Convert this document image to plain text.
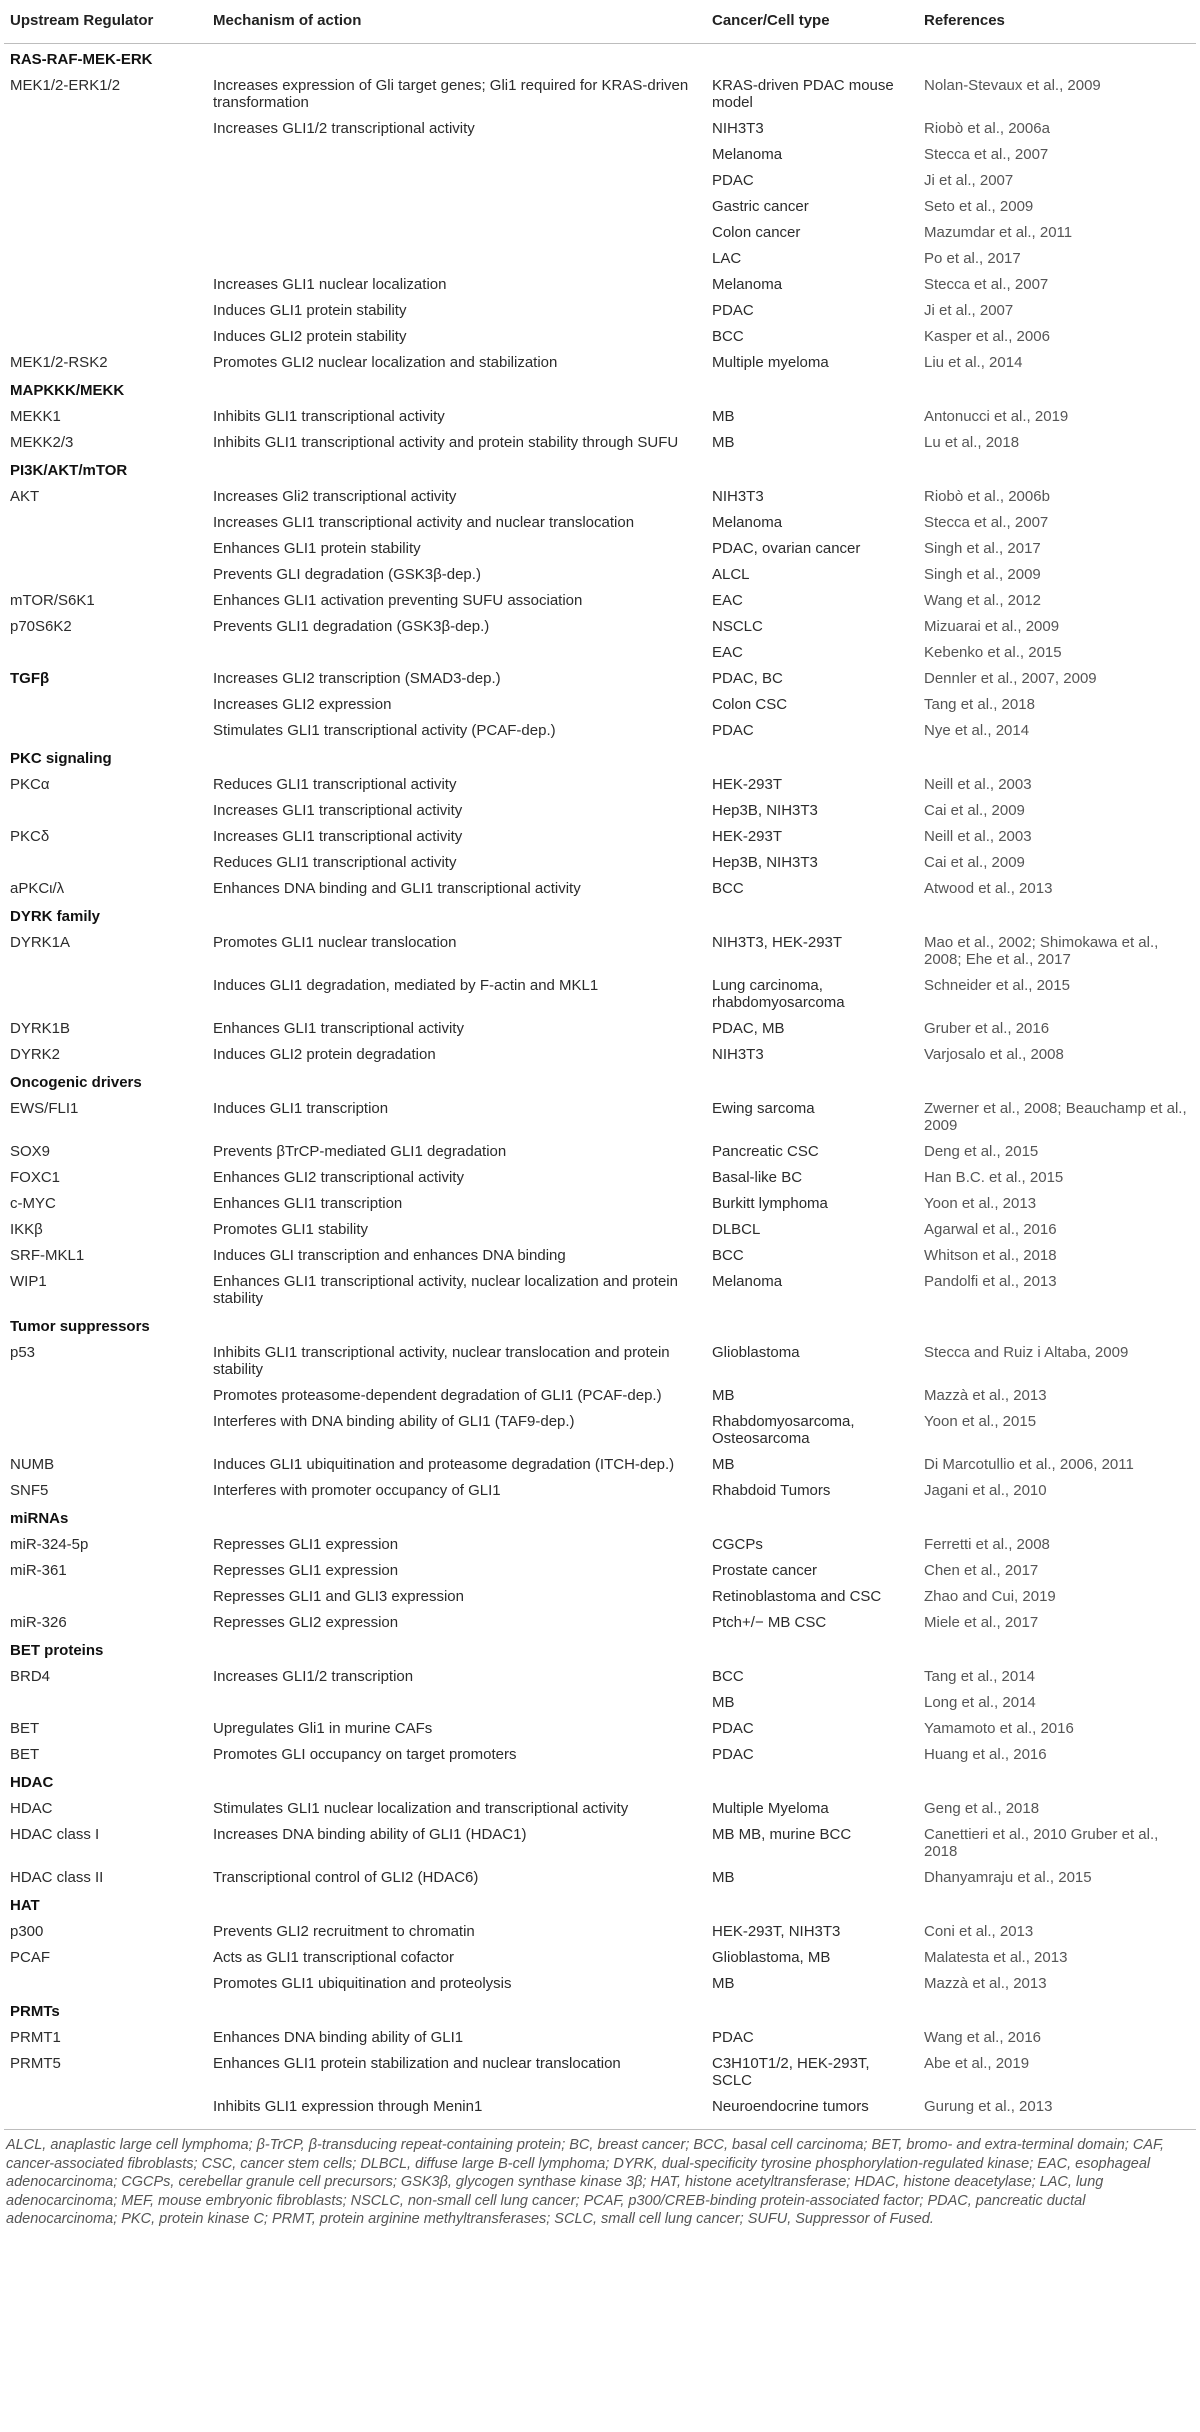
Upstream Regulator	Mechanism of action	Cancer/Cell type	References
RAS-RAF-MEK-ERK			
MEK1/2-ERK1/2	Increases expression of Gli target genes; Gli1 required for KRAS-driven transformation	KRAS-driven PDAC mouse model	Nolan-Stevaux et al., 2009
	Increases GLI1/2 transcriptional activity	NIH3T3	Riobò et al., 2006a
		Melanoma	Stecca et al., 2007
		PDAC	Ji et al., 2007
		Gastric cancer	Seto et al., 2009
		Colon cancer	Mazumdar et al., 2011
		LAC	Po et al., 2017
	Increases GLI1 nuclear localization	Melanoma	Stecca et al., 2007
	Induces GLI1 protein stability	PDAC	Ji et al., 2007
	Induces GLI2 protein stability	BCC	Kasper et al., 2006
MEK1/2-RSK2	Promotes GLI2 nuclear localization and stabilization	Multiple myeloma	Liu et al., 2014
MAPKKK/MEKK			
MEKK1	Inhibits GLI1 transcriptional activity	MB	Antonucci et al., 2019
MEKK2/3	Inhibits GLI1 transcriptional activity and protein stability through SUFU	MB	Lu et al., 2018
PI3K/AKT/mTOR			
AKT	Increases Gli2 transcriptional activity	NIH3T3	Riobò et al., 2006b
	Increases GLI1 transcriptional activity and nuclear translocation	Melanoma	Stecca et al., 2007
	Enhances GLI1 protein stability	PDAC, ovarian cancer	Singh et al., 2017
	Prevents GLI degradation (GSK3β-dep.)	ALCL	Singh et al., 2009
mTOR/S6K1	Enhances GLI1 activation preventing SUFU association	EAC	Wang et al., 2012
p70S6K2	Prevents GLI1 degradation (GSK3β-dep.)	NSCLC	Mizuarai et al., 2009
		EAC	Kebenko et al., 2015
TGFβ	Increases GLI2 transcription (SMAD3-dep.)	PDAC, BC	Dennler et al., 2007, 2009
	Increases GLI2 expression	Colon CSC	Tang et al., 2018
	Stimulates GLI1 transcriptional activity (PCAF-dep.)	PDAC	Nye et al., 2014
PKC signaling			
PKCα	Reduces GLI1 transcriptional activity	HEK-293T	Neill et al., 2003
	Increases GLI1 transcriptional activity	Hep3B, NIH3T3	Cai et al., 2009
PKCδ	Increases GLI1 transcriptional activity	HEK-293T	Neill et al., 2003
	Reduces GLI1 transcriptional activity	Hep3B, NIH3T3	Cai et al., 2009
aPKCι/λ	Enhances DNA binding and GLI1 transcriptional activity	BCC	Atwood et al., 2013
DYRK family			
DYRK1A	Promotes GLI1 nuclear translocation	NIH3T3, HEK-293T	Mao et al., 2002; Shimokawa et al., 2008; Ehe et al., 2017
	Induces GLI1 degradation, mediated by F-actin and MKL1	Lung carcinoma, rhabdomyosarcoma	Schneider et al., 2015
DYRK1B	Enhances GLI1 transcriptional activity	PDAC, MB	Gruber et al., 2016
DYRK2	Induces GLI2 protein degradation	NIH3T3	Varjosalo et al., 2008
Oncogenic drivers			
EWS/FLI1	Induces GLI1 transcription	Ewing sarcoma	Zwerner et al., 2008; Beauchamp et al., 2009
SOX9	Prevents βTrCP-mediated GLI1 degradation	Pancreatic CSC	Deng et al., 2015
FOXC1	Enhances GLI2 transcriptional activity	Basal-like BC	Han B.C. et al., 2015
c-MYC	Enhances GLI1 transcription	Burkitt lymphoma	Yoon et al., 2013
IKKβ	Promotes GLI1 stability	DLBCL	Agarwal et al., 2016
SRF-MKL1	Induces GLI transcription and enhances DNA binding	BCC	Whitson et al., 2018
WIP1	Enhances GLI1 transcriptional activity, nuclear localization and protein stability	Melanoma	Pandolfi et al., 2013
Tumor suppressors			
p53	Inhibits GLI1 transcriptional activity, nuclear translocation and protein stability	Glioblastoma	Stecca and Ruiz i Altaba, 2009
	Promotes proteasome-dependent degradation of GLI1 (PCAF-dep.)	MB	Mazzà et al., 2013
	Interferes with DNA binding ability of GLI1 (TAF9-dep.)	Rhabdomyosarcoma, Osteosarcoma	Yoon et al., 2015
NUMB	Induces GLI1 ubiquitination and proteasome degradation (ITCH-dep.)	MB	Di Marcotullio et al., 2006, 2011
SNF5	Interferes with promoter occupancy of GLI1	Rhabdoid Tumors	Jagani et al., 2010
miRNAs			
miR-324-5p	Represses GLI1 expression	CGCPs	Ferretti et al., 2008
miR-361	Represses GLI1 expression	Prostate cancer	Chen et al., 2017
	Represses GLI1 and GLI3 expression	Retinoblastoma and CSC	Zhao and Cui, 2019
miR-326	Represses GLI2 expression	Ptch+/− MB CSC	Miele et al., 2017
BET proteins			
BRD4	Increases GLI1/2 transcription	BCC	Tang et al., 2014
		MB	Long et al., 2014
BET	Upregulates Gli1 in murine CAFs	PDAC	Yamamoto et al., 2016
BET	Promotes GLI occupancy on target promoters	PDAC	Huang et al., 2016
HDAC			
HDAC	Stimulates GLI1 nuclear localization and transcriptional activity	Multiple Myeloma	Geng et al., 2018
HDAC class I	Increases DNA binding ability of GLI1 (HDAC1)	MB MB, murine BCC	Canettieri et al., 2010 Gruber et al., 2018
HDAC class II	Transcriptional control of GLI2 (HDAC6)	MB	Dhanyamraju et al., 2015
HAT			
p300	Prevents GLI2 recruitment to chromatin	HEK-293T, NIH3T3	Coni et al., 2013
PCAF	Acts as GLI1 transcriptional cofactor	Glioblastoma, MB	Malatesta et al., 2013
	Promotes GLI1 ubiquitination and proteolysis	MB	Mazzà et al., 2013
PRMTs			
PRMT1	Enhances DNA binding ability of GLI1	PDAC	Wang et al., 2016
PRMT5	Enhances GLI1 protein stabilization and nuclear translocation	C3H10T1/2, HEK-293T, SCLC	Abe et al., 2019
	Inhibits GLI1 expression through Menin1	Neuroendocrine tumors	Gurung et al., 2013
ALCL, anaplastic large cell lymphoma; β-TrCP, β-transducing repeat-containing protein; BC, breast cancer; BCC, basal cell carcinoma; BET, bromo- and extra-terminal domain; CAF, cancer-associated fibroblasts; CSC, cancer stem cells; DLBCL, diffuse large B-cell lymphoma; DYRK, dual-specificity tyrosine phosphorylation-regulated kinase; EAC, esophageal adenocarcinoma; CGCPs, cerebellar granule cell precursors; GSK3β, glycogen synthase kinase 3β; HAT, histone acetyltransferase; HDAC, histone deacetylase; LAC, lung adenocarcinoma; MEF, mouse embryonic fibroblasts; NSCLC, non-small cell lung cancer; PCAF, p300/CREB-binding protein-associated factor; PDAC, pancreatic ductal adenocarcinoma; PKC, protein kinase C; PRMT, protein arginine methyltransferases; SCLC, small cell lung cancer; SUFU, Suppressor of Fused.
